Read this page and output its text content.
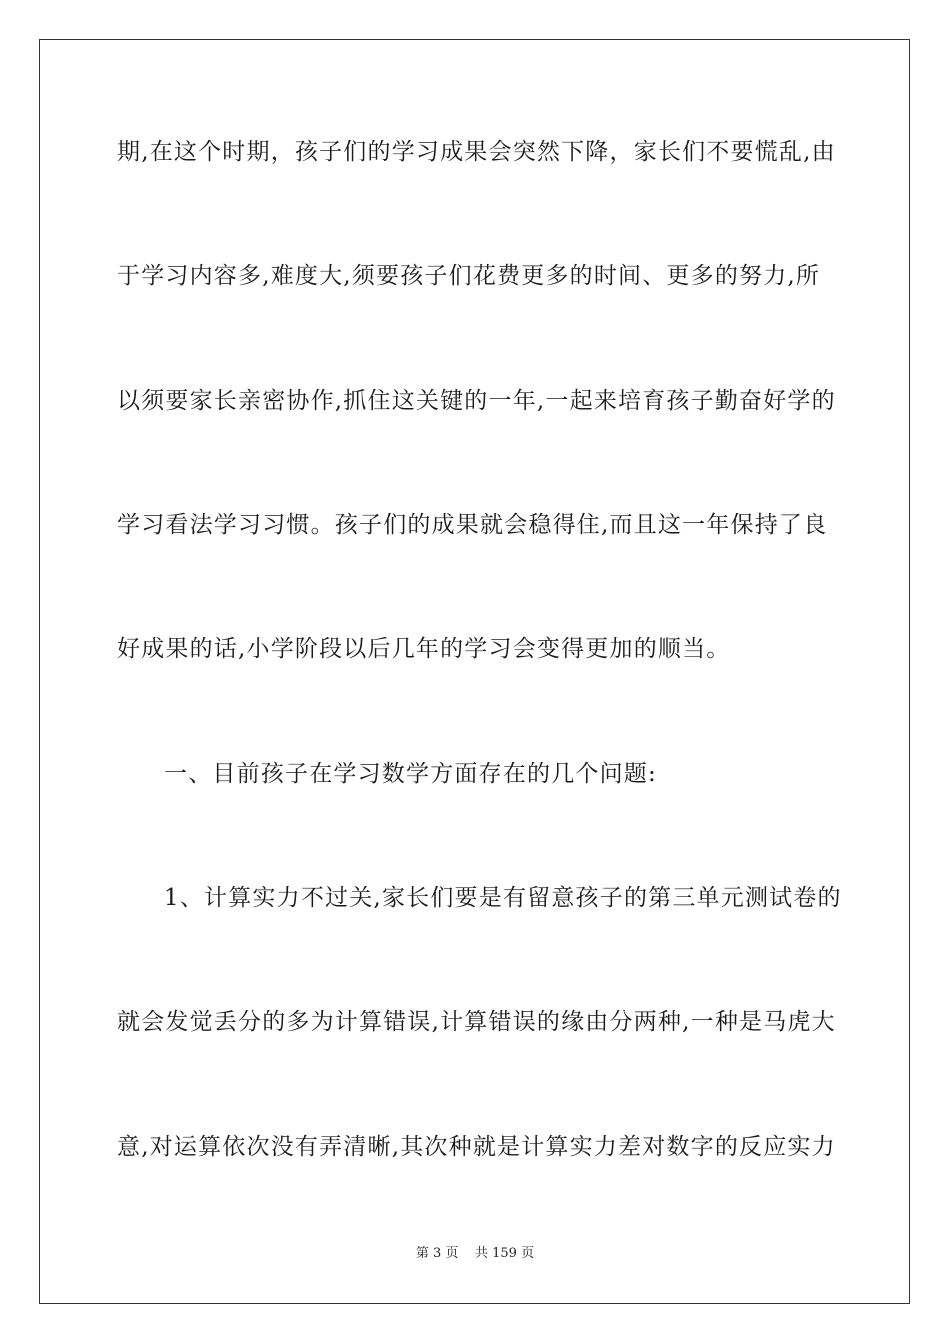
期,在这个时期，孩子们的学习成果会突然下降，家长们不要慌乱,由
于学习内容多,难度大,须要孩子们花费更多的时间、更多的努力,所
以须要家长亲密协作,抓住这关键的一年,一起来培育孩子勤奋好学的
学习看法学习习惯。孩子们的成果就会稳得住,而且这一年保持了良
好成果的话,小学阶段以后几年的学习会变得更加的顺当。
一、目前孩子在学习数学方面存在的几个问题:
1、计算实力不过关,家长们要是有留意孩子的第三单元测试卷的
就会发觉丢分的多为计算错误,计算错误的缘由分两种,一种是马虎大
意,对运算依次没有弄清晰,其次种就是计算实力差对数字的反应实力
第 3 页 共 159 页
